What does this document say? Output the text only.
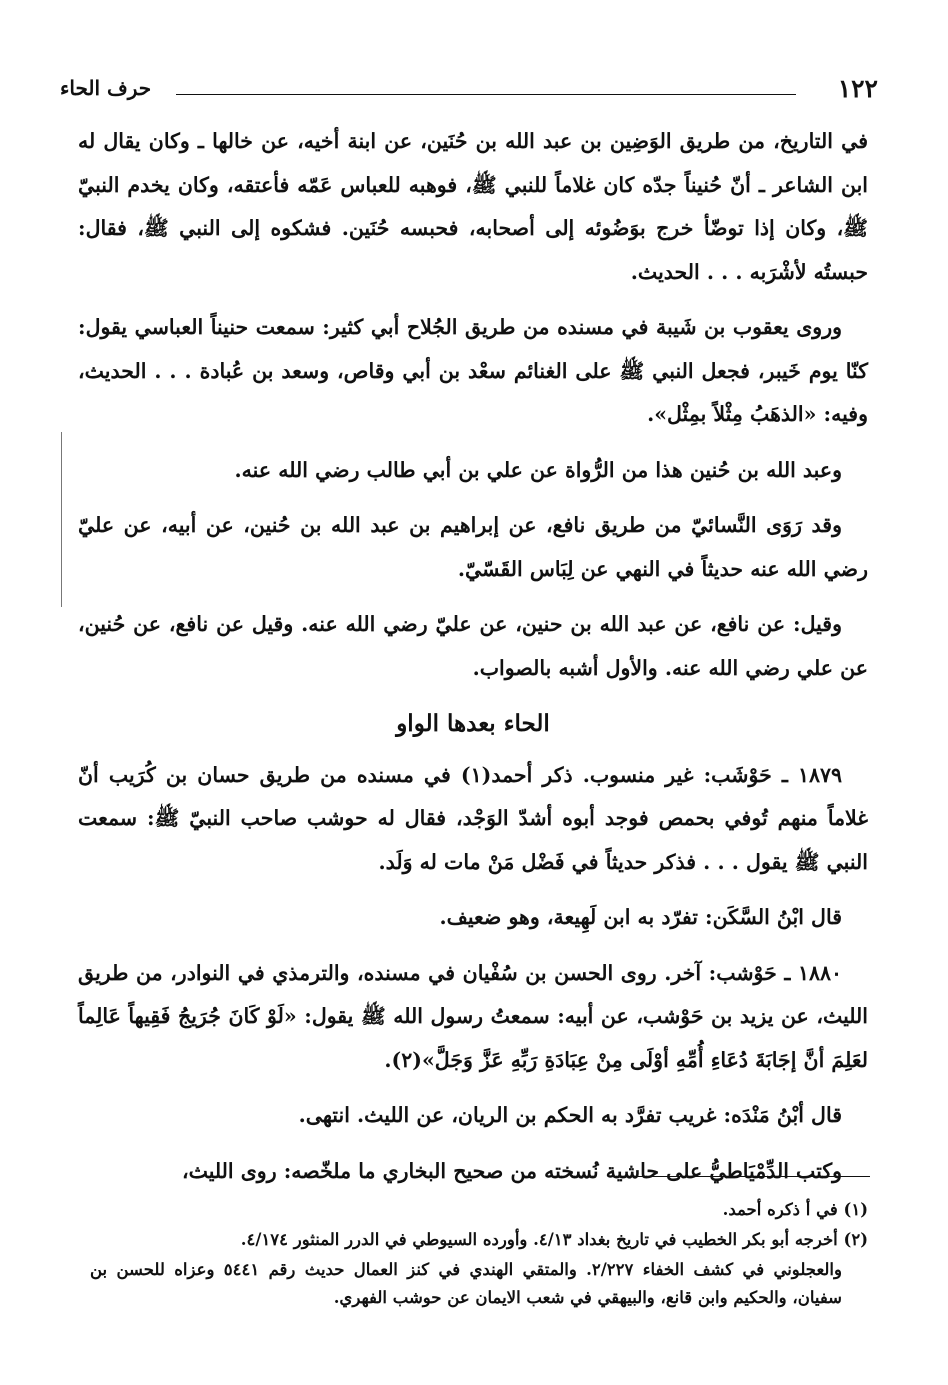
١٢٢
حرف الحاء

في التاريخ، من طريق الوَضِين بن عبد الله بن حُنَين، عن ابنة أخيه، عن خالها ـ وكان يقال له ابن الشاعر ـ أنّ حُنيناً جدّه كان غلاماً للنبي ﷺ، فوهبه للعباس عَمّه فأعتقه، وكان يخدم النبيّ ﷺ، وكان إذا توضّأ خرج بوَضُوئه إلى أصحابه، فحبسه حُنَين. فشكوه إلى النبي ﷺ، فقال: حبستُه لأشْرَبه . . . الحديث.

وروى يعقوب بن شَيبة في مسنده من طريق الجُلاح أبي كثير: سمعت حنيناً العباسي يقول: كنّا يوم خَيبر، فجعل النبي ﷺ على الغنائم سعْد بن أبي وقاص، وسعد بن عُبادة . . . الحديث، وفيه: «الذهَبُ مِثْلاً بمِثْل».

وعبد الله بن حُنين هذا من الرُّواة عن علي بن أبي طالب رضي الله عنه.

وقد رَوَى النَّسائيّ من طريق نافع، عن إبراهيم بن عبد الله بن حُنين، عن أبيه، عن عليّ رضي الله عنه حديثاً في النهي عن لِبَاس القَسّيّ.

وقيل: عن نافع، عن عبد الله بن حنين، عن عليّ رضي الله عنه. وقيل عن نافع، عن حُنين، عن علي رضي الله عنه. والأول أشبه بالصواب.

الحاء بعدها الواو

١٨٧٩ ـ حَوْشَب: غير منسوب. ذكر أحمد(١) في مسنده من طريق حسان بن كُرَيب أنّ غلاماً منهم تُوفي بحمص فوجد أبوه أشدّ الوَجْد، فقال له حوشب صاحب النبيّ ﷺ: سمعت النبي ﷺ يقول . . . فذكر حديثاً في فَضْل مَنْ مات له وَلَد.

قال ابْنُ السَّكَن: تفرّد به ابن لَهِيعة، وهو ضعيف.

١٨٨٠ ـ حَوْشب: آخر. روى الحسن بن سُفْيان في مسنده، والترمذي في النوادر، من طريق الليث، عن يزيد بن حَوْشب، عن أبيه: سمعتُ رسول الله ﷺ يقول: «لَوْ كَانَ جُرَيجُ فَقِيهاً عَالِماً لعَلِمَ أنَّ إجَابَةَ دُعَاءِ أُمِّهِ أوْلَى مِنْ عِبَادَةِ رَبِّهِ عَزَّ وَجَلَّ»(٢).

قال أبْنُ مَنْدَه: غريب تفرَّد به الحكم بن الريان، عن الليث. انتهى.

وكتب الدِّمْيَاطيُّ على حاشية نُسخته من صحيح البخاري ما ملخّصه: روى الليث،

(١) في أ ذكره أحمد.

(٢) أخرجه أبو بكر الخطيب في تاريخ بغداد ٤/١٣. وأورده السيوطي في الدرر المنثور ٤/١٧٤.

والعجلوني في كشف الخفاء ٢/٢٢٧. والمتقي الهندي في كنز العمال حديث رقم ٥٤٤١ وعزاه للحسن بن سفيان، والحكيم وابن قانع، والبيهقي في شعب الايمان عن حوشب الفهري.
